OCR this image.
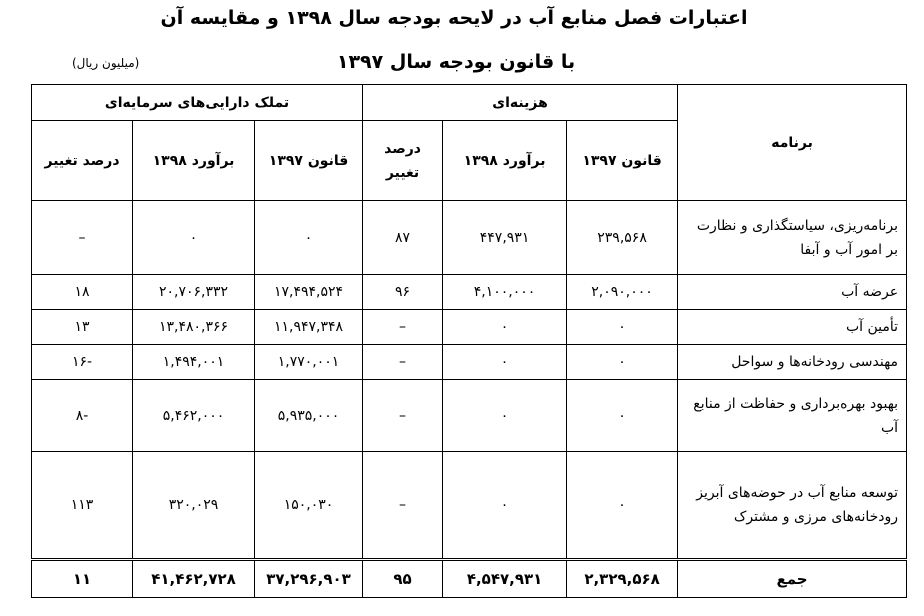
اعتبارات فصل منابع آب در لایحه بودجه سال ۱۳۹۸ و مقایسه آن
با قانون بودجه سال ۱۳۹۷
(میلیون ریال)
برنامه	هزینه‌ای			تملک دارایی‌های سرمایه‌ای		
	قانون ۱۳۹۷	برآورد ۱۳۹۸	درصد تغییر	قانون ۱۳۹۷	برآورد ۱۳۹۸	درصد تغییر
برنامه‌ریزی، سیاستگذاری و نظارت بر امور آب و آبفا	۲۳۹,۵۶۸	۴۴۷,۹۳۱	۸۷	۰	۰	–
عرضه آب	۲,۰۹۰,۰۰۰	۴,۱۰۰,۰۰۰	۹۶	۱۷,۴۹۴,۵۲۴	۲۰,۷۰۶,۳۳۲	۱۸
تأمین آب	۰	۰	–	۱۱,۹۴۷,۳۴۸	۱۳,۴۸۰,۳۶۶	۱۳
مهندسی رودخانه‌ها و سواحل	۰	۰	–	۱,۷۷۰,۰۰۱	۱,۴۹۴,۰۰۱	-۱۶
بهبود بهره‌برداری و حفاظت از منابع آب	۰	۰	–	۵,۹۳۵,۰۰۰	۵,۴۶۲,۰۰۰	-۸
توسعه منابع آب در حوضه‌های آبریز رودخانه‌های مرزی و مشترک	۰	۰	–	۱۵۰,۰۳۰	۳۲۰,۰۲۹	۱۱۳
جمع	۲,۳۲۹,۵۶۸	۴,۵۴۷,۹۳۱	۹۵	۳۷,۲۹۶,۹۰۳	۴۱,۴۶۲,۷۲۸	۱۱
